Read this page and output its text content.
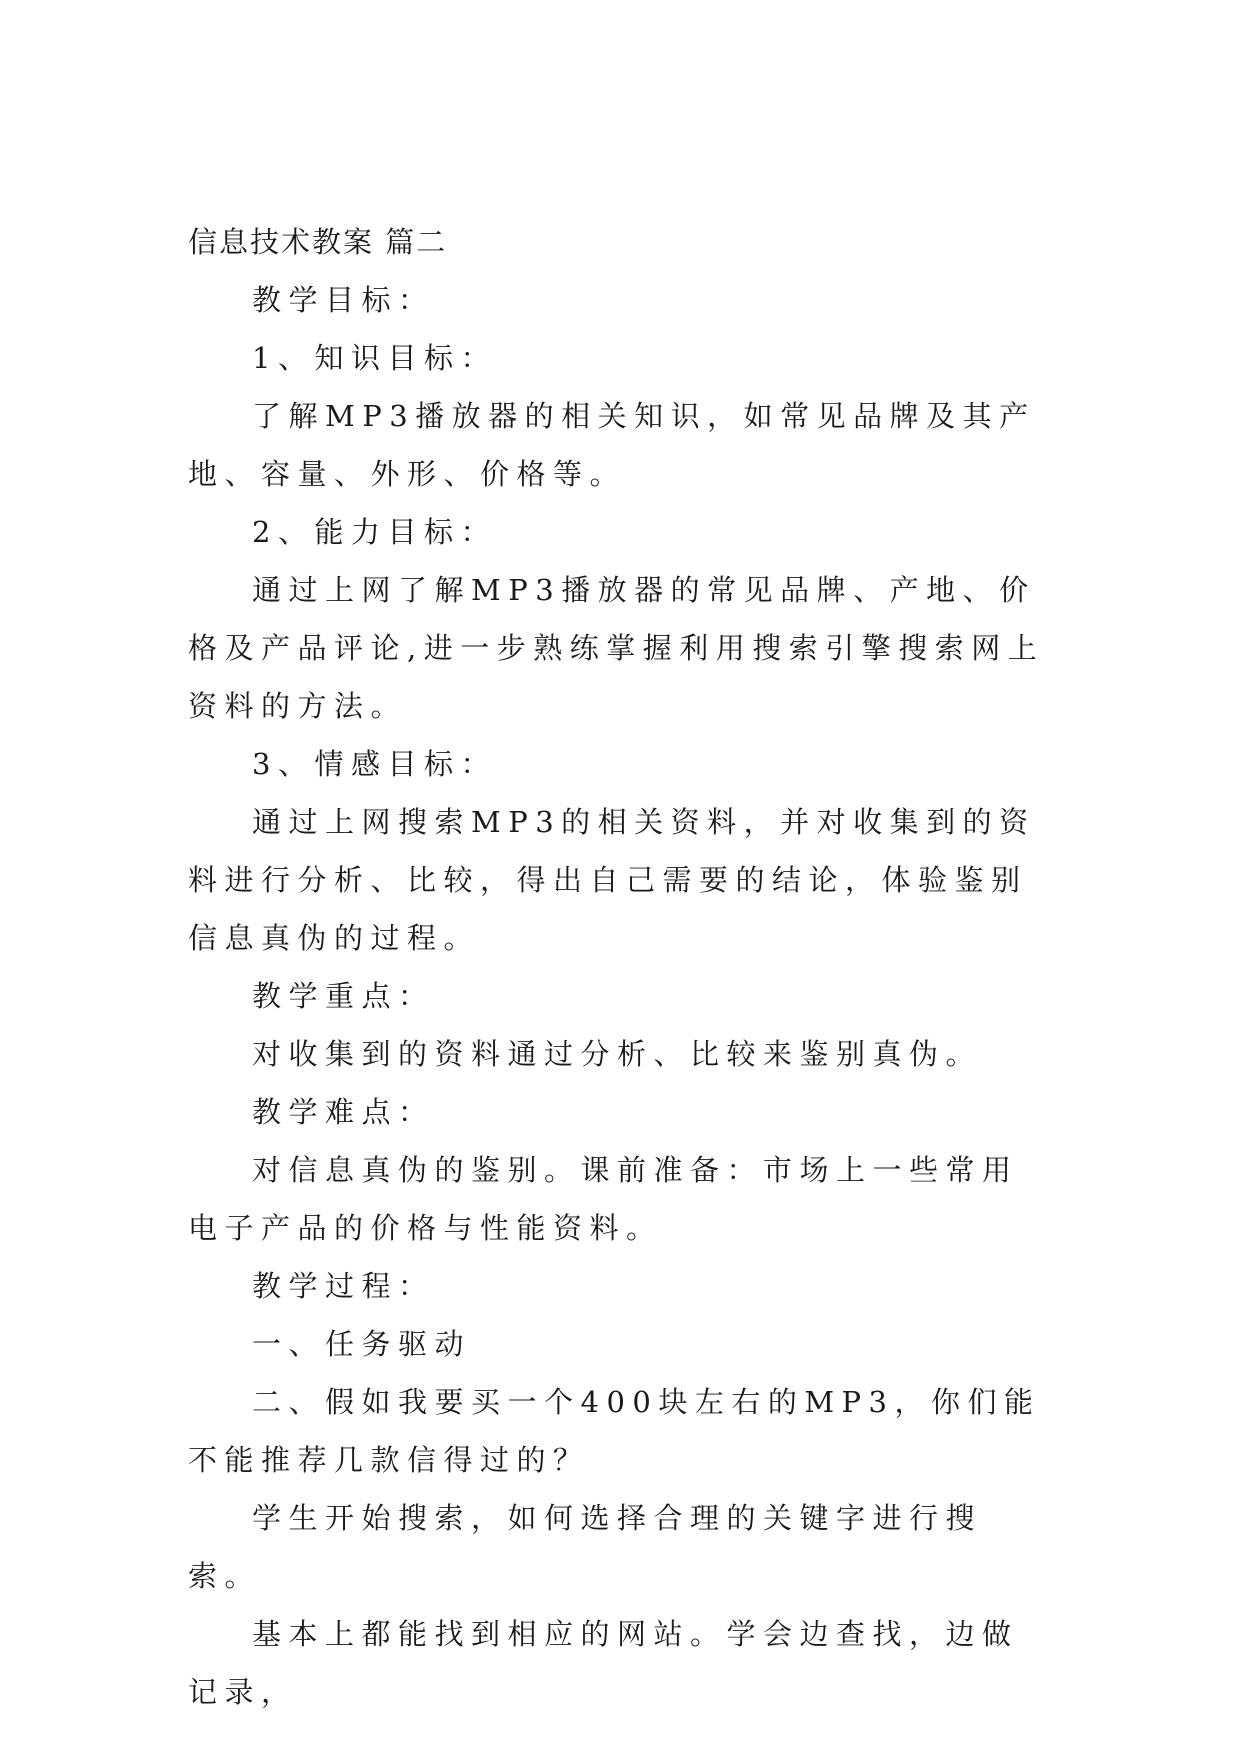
信息技术教案 篇二

教学目标：

1、知识目标：

了解MP3播放器的相关知识，如常见品牌及其产地、容量、外形、价格等。

2、能力目标：

通过上网了解MP3播放器的常见品牌、产地、价格及产品评论,进一步熟练掌握利用搜索引擎搜索网上资料的方法。

3、情感目标：

通过上网搜索MP3的相关资料，并对收集到的资料进行分析、比较，得出自己需要的结论，体验鉴别信息真伪的过程。

教学重点：

对收集到的资料通过分析、比较来鉴别真伪。

教学难点：

对信息真伪的鉴别。课前准备：市场上一些常用电子产品的价格与性能资料。

教学过程：

一、任务驱动

二、假如我要买一个400块左右的MP3，你们能不能推荐几款信得过的？

学生开始搜索，如何选择合理的关键字进行搜索。

基本上都能找到相应的网站。学会边查找，边做记录，
